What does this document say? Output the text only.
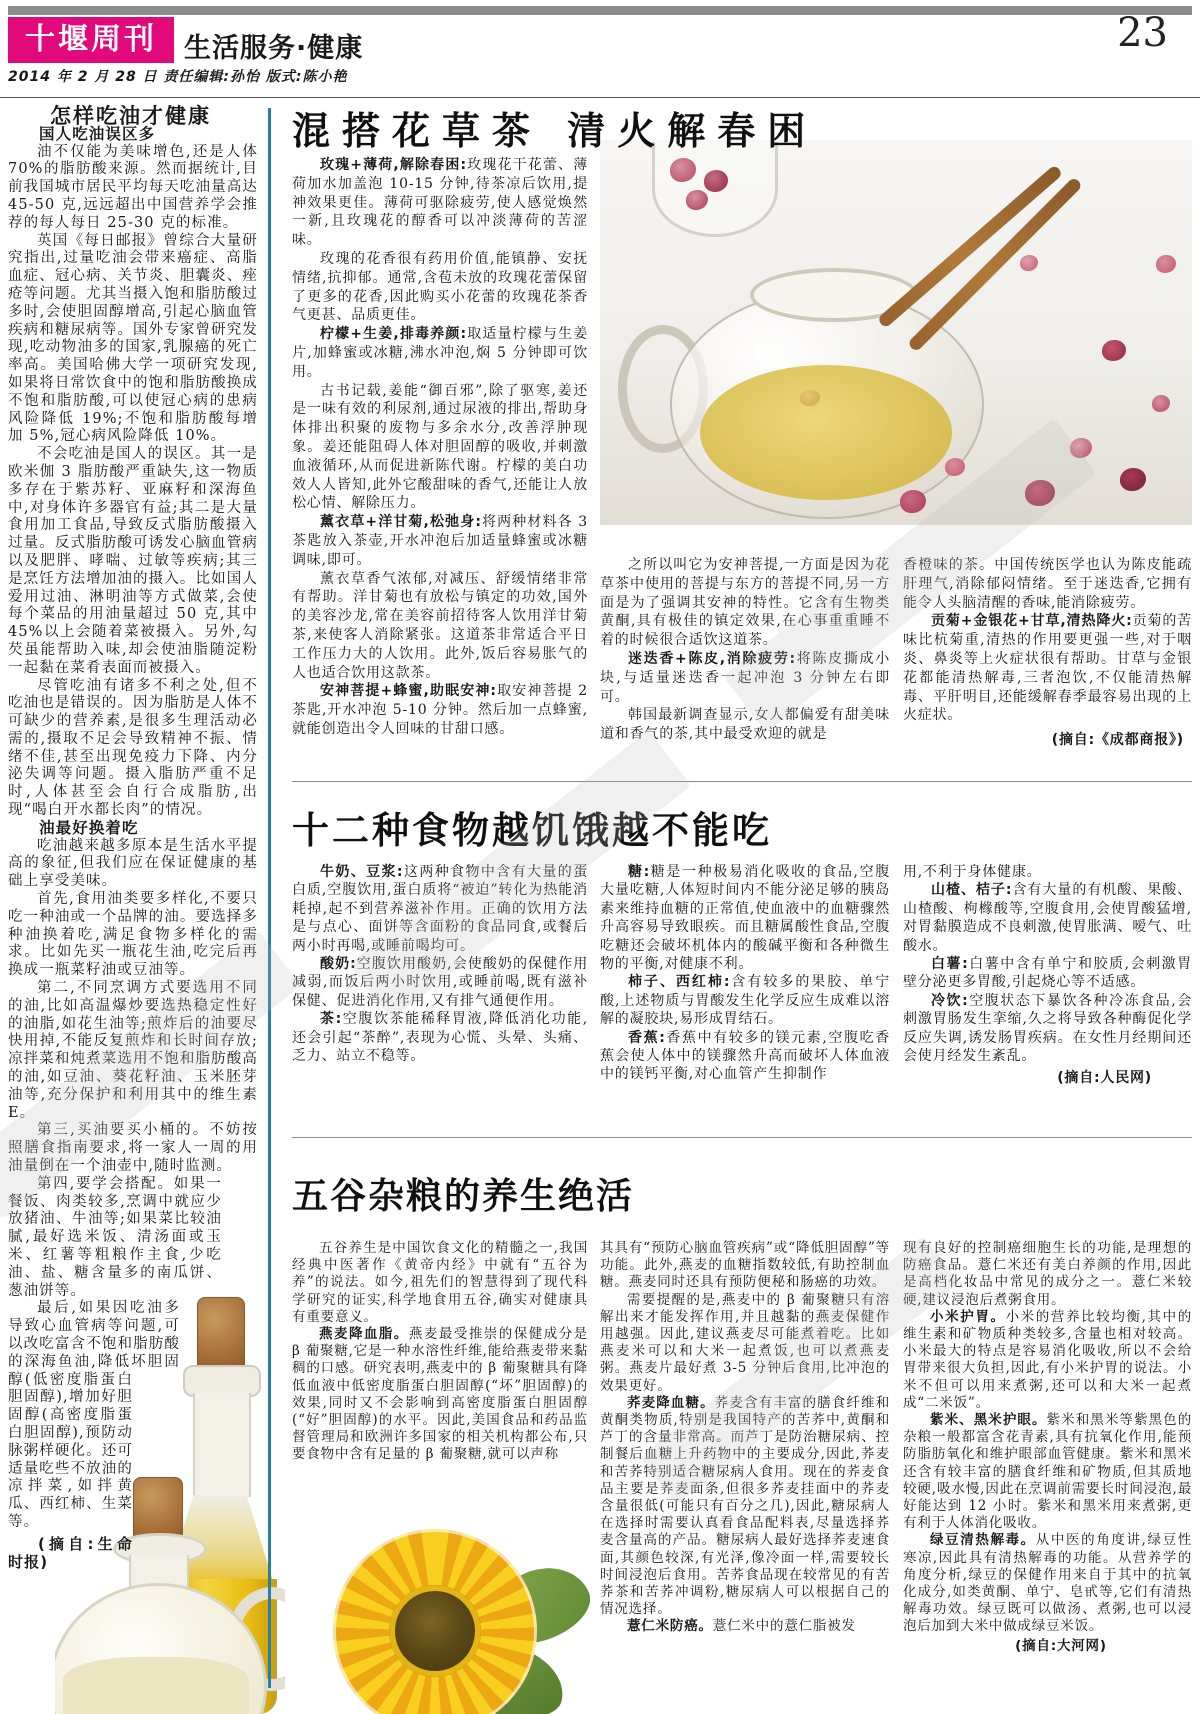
十堰周刊	生活服务·健康	23
2014 年 2 月 28 日 责任编辑:孙怡 版式:陈小艳

怎样吃油才健康

国人吃油误区多

油不仅能为美味增色,还是人体 70%的脂肪酸来源。然而据统计,目前我国城市居民平均每天吃油量高达 45-50 克,远远超出中国营养学会推荐的每人每日 25-30 克的标准。

英国《每日邮报》曾综合大量研究指出,过量吃油会带来癌症、高脂血症、冠心病、关节炎、胆囊炎、痤疮等问题。尤其当摄入饱和脂肪酸过多时,会使胆固醇增高,引起心脑血管疾病和糖尿病等。国外专家曾研究发现,吃动物油多的国家,乳腺癌的死亡率高。美国哈佛大学一项研究发现,如果将日常饮食中的饱和脂肪酸换成不饱和脂肪酸,可以使冠心病的患病风险降低 19%;不饱和脂肪酸每增加 5%,冠心病风险降低 10%。

不会吃油是国人的误区。其一是欧米伽 3 脂肪酸严重缺失,这一物质多存在于紫苏籽、亚麻籽和深海鱼中,对身体许多器官有益;其二是大量食用加工食品,导致反式脂肪酸摄入过量。反式脂肪酸可诱发心脑血管病以及肥胖、哮喘、过敏等疾病;其三是烹饪方法增加油的摄入。比如国人爱用过油、淋明油等方式做菜,会使每个菜品的用油量超过 50 克,其中 45%以上会随着菜被摄入。另外,勾芡虽能帮助入味,却会使油脂随淀粉一起黏在菜肴表面而被摄入。

尽管吃油有诸多不利之处,但不吃油也是错误的。因为脂肪是人体不可缺少的营养素,是很多生理活动必需的,摄取不足会导致精神不振、情绪不佳,甚至出现免疫力下降、内分泌失调等问题。摄入脂肪严重不足时,人体甚至会自行合成脂肪,出现“喝白开水都长肉”的情况。

油最好换着吃

吃油越来越多原本是生活水平提高的象征,但我们应在保证健康的基础上享受美味。

首先,食用油类要多样化,不要只吃一种油或一个品牌的油。要选择多种油换着吃,满足食物多样化的需求。比如先买一瓶花生油,吃完后再换成一瓶菜籽油或豆油等。

第二,不同烹调方式要选用不同的油,比如高温爆炒要选热稳定性好的油脂,如花生油等;煎炸后的油要尽快用掉,不能反复煎炸和长时间存放;凉拌菜和炖煮菜选用不饱和脂肪酸高的油,如豆油、葵花籽油、玉米胚芽油等,充分保护和利用其中的维生素 E。

第三,买油要买小桶的。不妨按照膳食指南要求,将一家人一周的用油量倒在一个油壶中,随时监测。

第四,要学会搭配。如果一餐饭、肉类较多,烹调中就应少放猪油、牛油等;如果菜比较油腻,最好选米饭、清汤面或玉米、红薯等粗粮作主食,少吃油、盐、糖含量多的南瓜饼、葱油饼等。

最后,如果因吃油多导致心血管病等问题,可以改吃富含不饱和脂肪酸的深海鱼油,降低坏胆固醇(低密度脂蛋白胆固醇),增加好胆固醇(高密度脂蛋白胆固醇),预防动脉粥样硬化。还可适量吃些不放油的凉拌菜,如拌黄瓜、西红柿、生菜等。

(摘自:生命时报)

混搭花草茶 清火解春困

玫瑰+薄荷,解除春困:玫瑰花干花蕾、薄荷加水加盖泡 10-15 分钟,待茶凉后饮用,提神效果更佳。薄荷可驱除疲劳,使人感觉焕然一新,且玫瑰花的醇香可以冲淡薄荷的苦涩味。

玫瑰的花香很有药用价值,能镇静、安抚情绪,抗抑郁。通常,含苞未放的玫瑰花蕾保留了更多的花香,因此购买小花蕾的玫瑰花茶香气更甚、品质更佳。

柠檬+生姜,排毒养颜:取适量柠檬与生姜片,加蜂蜜或冰糖,沸水冲泡,焖 5 分钟即可饮用。

古书记载,姜能“御百邪”,除了驱寒,姜还是一味有效的利尿剂,通过尿液的排出,帮助身体排出积聚的废物与多余水分,改善浮肿现象。姜还能阻碍人体对胆固醇的吸收,并刺激血液循环,从而促进新陈代谢。柠檬的美白功效人人皆知,此外它酸甜味的香气,还能让人放松心情、解除压力。

薰衣草+洋甘菊,松弛身:将两种材料各 3 茶匙放入茶壶,开水冲泡后加适量蜂蜜或冰糖调味,即可。

薰衣草香气浓郁,对减压、舒缓情绪非常有帮助。洋甘菊也有放松与镇定的功效,国外的美容沙龙,常在美容前招待客人饮用洋甘菊茶,来使客人消除紧张。这道茶非常适合平日工作压力大的人饮用。此外,饭后容易胀气的人也适合饮用这款茶。

安神菩提+蜂蜜,助眠安神:取安神菩提 2 茶匙,开水冲泡 5-10 分钟。然后加一点蜂蜜,就能创造出令人回味的甘甜口感。

之所以叫它为安神菩提,一方面是因为花草茶中使用的菩提与东方的菩提不同,另一方面是为了强调其安神的特性。它含有生物类黄酮,具有极佳的镇定效果,在心事重重睡不着的时候很合适饮这道茶。

迷迭香+陈皮,消除疲劳:将陈皮撕成小块,与适量迷迭香一起冲泡 3 分钟左右即可。

韩国最新调查显示,女人都偏爱有甜美味道和香气的茶,其中最受欢迎的就是

香橙味的茶。中国传统医学也认为陈皮能疏肝理气,消除郁闷情绪。至于迷迭香,它拥有能令人头脑清醒的香味,能消除疲劳。

贡菊+金银花+甘草,清热降火:贡菊的苦味比杭菊重,清热的作用要更强一些,对于咽炎、鼻炎等上火症状很有帮助。甘草与金银花都能清热解毒,三者泡饮,不仅能清热解毒、平肝明目,还能缓解春季最容易出现的上火症状。

(摘自:《成都商报》)

十二种食物越饥饿越不能吃

牛奶、豆浆:这两种食物中含有大量的蛋白质,空腹饮用,蛋白质将“被迫”转化为热能消耗掉,起不到营养滋补作用。正确的饮用方法是与点心、面饼等含面粉的食品同食,或餐后两小时再喝,或睡前喝均可。

酸奶:空腹饮用酸奶,会使酸奶的保健作用减弱,而饭后两小时饮用,或睡前喝,既有滋补保健、促进消化作用,又有排气通便作用。

茶:空腹饮茶能稀释胃液,降低消化功能,还会引起“茶醉”,表现为心慌、头晕、头痛、乏力、站立不稳等。

糖:糖是一种极易消化吸收的食品,空腹大量吃糖,人体短时间内不能分泌足够的胰岛素来维持血糖的正常值,使血液中的血糖骤然升高容易导致眼疾。而且糖属酸性食品,空腹吃糖还会破坏机体内的酸碱平衡和各种微生物的平衡,对健康不利。

柿子、西红柿:含有较多的果胶、单宁酸,上述物质与胃酸发生化学反应生成难以溶解的凝胶块,易形成胃结石。

香蕉:香蕉中有较多的镁元素,空腹吃香蕉会使人体中的镁骤然升高而破坏人体血液中的镁钙平衡,对心血管产生抑制作

用,不利于身体健康。

山楂、桔子:含有大量的有机酸、果酸、山楂酸、枸橼酸等,空腹食用,会使胃酸猛增,对胃黏膜造成不良刺激,使胃胀满、嗳气、吐酸水。

白薯:白薯中含有单宁和胶质,会刺激胃壁分泌更多胃酸,引起烧心等不适感。

冷饮:空腹状态下暴饮各种冷冻食品,会刺激胃肠发生挛缩,久之将导致各种酶促化学反应失调,诱发肠胃疾病。在女性月经期间还会使月经发生紊乱。

(摘自:人民网)

五谷杂粮的养生绝活

五谷养生是中国饮食文化的精髓之一,我国经典中医著作《黄帝内经》中就有“五谷为养”的说法。如今,祖先们的智慧得到了现代科学研究的证实,科学地食用五谷,确实对健康具有重要意义。

燕麦降血脂。燕麦最受推崇的保健成分是 β 葡聚糖,它是一种水溶性纤维,能给燕麦带来黏稠的口感。研究表明,燕麦中的 β 葡聚糖具有降低血液中低密度脂蛋白胆固醇(“坏”胆固醇)的效果,同时又不会影响到高密度脂蛋白胆固醇(“好”胆固醇)的水平。因此,美国食品和药品监督管理局和欧洲许多国家的相关机构都公布,只要食物中含有足量的 β 葡聚糖,就可以声称

其具有“预防心脑血管疾病”或“降低胆固醇”等功能。此外,燕麦的血糖指数较低,有助控制血糖。燕麦同时还具有预防便秘和肠癌的功效。

需要提醒的是,燕麦中的 β 葡聚糖只有溶解出来才能发挥作用,并且越黏的燕麦保健作用越强。因此,建议燕麦尽可能煮着吃。比如燕麦米可以和大米一起煮饭,也可以煮燕麦粥。燕麦片最好煮 3-5 分钟后食用,比冲泡的效果更好。

荞麦降血糖。荞麦含有丰富的膳食纤维和黄酮类物质,特别是我国特产的苦荞中,黄酮和芦丁的含量非常高。而芦丁是防治糖尿病、控制餐后血糖上升药物中的主要成分,因此,荞麦和苦荞特别适合糖尿病人食用。现在的荞麦食品主要是荞麦面条,但很多荞麦挂面中的荞麦含量很低(可能只有百分之几),因此,糖尿病人在选择时需要认真看食品配料表,尽量选择荞麦含量高的产品。糖尿病人最好选择荞麦速食面,其颜色较深,有光泽,像冷面一样,需要较长时间浸泡后食用。苦荞食品现在较常见的有苦荞茶和苦荞冲调粉,糖尿病人可以根据自己的情况选择。

薏仁米防癌。薏仁米中的薏仁脂被发

现有良好的控制癌细胞生长的功能,是理想的防癌食品。薏仁米还有美白养颜的作用,因此是高档化妆品中常见的成分之一。薏仁米较硬,建议浸泡后煮粥食用。

小米护胃。小米的营养比较均衡,其中的维生素和矿物质种类较多,含量也相对较高。小米最大的特点是容易消化吸收,所以不会给胃带来很大负担,因此,有小米护胃的说法。小米不但可以用来煮粥,还可以和大米一起煮成“二米饭”。

紫米、黑米护眼。紫米和黑米等紫黑色的杂粮一般都富含花青素,具有抗氧化作用,能预防脂肪氧化和维护眼部血管健康。紫米和黑米还含有较丰富的膳食纤维和矿物质,但其质地较硬,吸水慢,因此在烹调前需要长时间浸泡,最好能达到 12 小时。紫米和黑米用来煮粥,更有利于人体消化吸收。

绿豆清热解毒。从中医的角度讲,绿豆性寒凉,因此具有清热解毒的功能。从营养学的角度分析,绿豆的保健作用来自于其中的抗氧化成分,如类黄酮、单宁、皂甙等,它们有清热解毒功效。绿豆既可以做汤、煮粥,也可以浸泡后加到大米中做成绿豆米饭。

(摘自:大河网)
